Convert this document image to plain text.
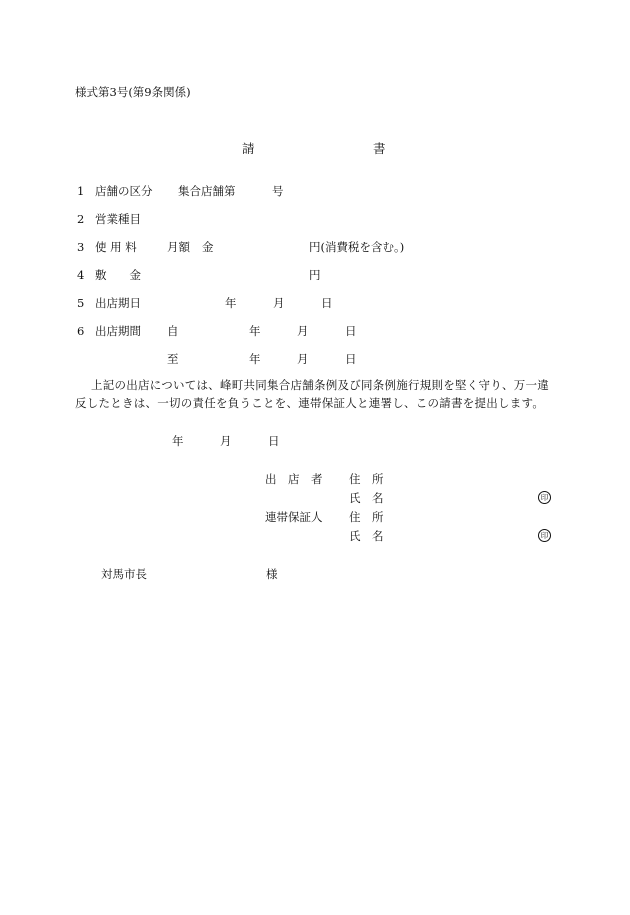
様式第3号(第9条関係)
請	書
1 店舗の区分 集合店舗第	号
2 営業種目
3 使 用 料	月額 金	円(消費税を含む。)
4 敷　　金	円
5 出店期日	年	月	日
6 出店期間 自	年	月	日
至	年	月	日
上記の出店については、峰町共同集合店舗条例及び同条例施行規則を堅く守り、万一違
反したときは、一切の責任を負うことを、連帯保証人と連署し、この請書を提出します。
年	月	日
出　店　者 住　所
氏　名	印
連帯保証人 住　所
氏　名	印
対馬市長	様
